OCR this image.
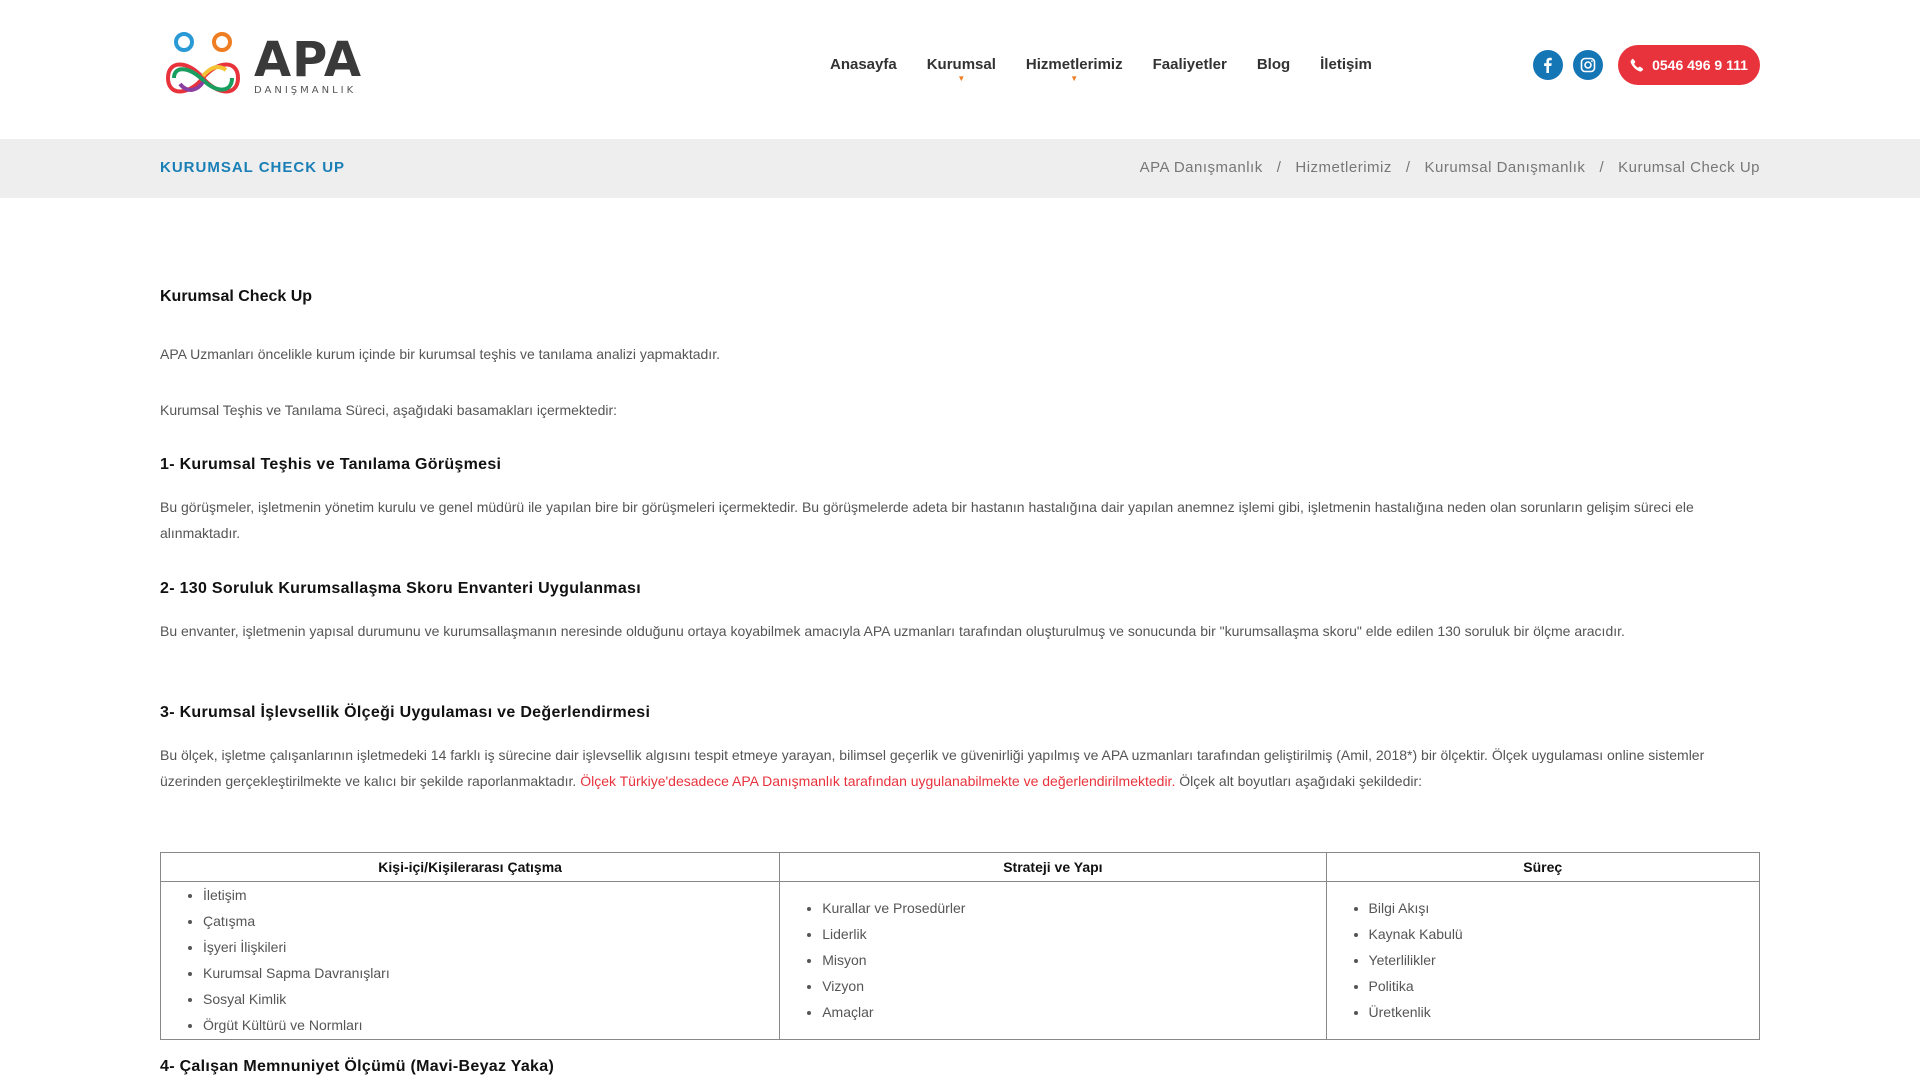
APA
DANIŞMANLIK
Anasayfa Kurumsal
▼
Hizmetlerimiz
▼
Faaliyetler Blog İletişim	0546 496 9 111
KURUMSAL CHECK UP	APA Danışmanlık / Hizmetlerimiz / Kurumsal Danışmanlık / Kurumsal Check Up
Kurumsal Check Up

APA Uzmanları öncelikle kurum içinde bir kurumsal teşhis ve tanılama analizi yapmaktadır.

Kurumsal Teşhis ve Tanılama Süreci, aşağıdaki basamakları içermektedir:

1- Kurumsal Teşhis ve Tanılama Görüşmesi

Bu görüşmeler, işletmenin yönetim kurulu ve genel müdürü ile yapılan bire bir görüşmeleri içermektedir. Bu görüşmelerde adeta bir hastanın hastalığına dair yapılan anemnez işlemi gibi, işletmenin hastalığına neden olan sorunların gelişim süreci ele alınmaktadır.

2- 130 Soruluk Kurumsallaşma Skoru Envanteri Uygulanması

Bu envanter, işletmenin yapısal durumunu ve kurumsallaşmanın neresinde olduğunu ortaya koyabilmek amacıyla APA uzmanları tarafından oluşturulmuş ve sonucunda bir "kurumsallaşma skoru" elde edilen 130 soruluk bir ölçme aracıdır.

3- Kurumsal İşlevsellik Ölçeği Uygulaması ve Değerlendirmesi

Bu ölçek, işletme çalışanlarının işletmedeki 14 farklı iş sürecine dair işlevsellik algısını tespit etmeye yarayan, bilimsel geçerlik ve güvenirliği yapılmış ve APA uzmanları tarafından geliştirilmiş (Amil, 2018*) bir ölçektir. Ölçek uygulaması online sistemler üzerinden gerçekleştirilmekte ve kalıcı bir şekilde raporlanmaktadır. Ölçek Türkiye'desadece APA Danışmanlık tarafından uygulanabilmekte ve değerlendirilmektedir. Ölçek alt boyutları aşağıdaki şekildedir:

Kişi-içi/Kişilerarası Çatışma
• İletişim
• Çatışma
• İşyeri İlişkileri
• Kurumsal Sapma Davranışları
• Sosyal Kimlik
• Örgüt Kültürü ve Normları
Strateji ve Yapı
• Kurallar ve Prosedürler
• Liderlik
• Misyon
• Vizyon
• Amaçlar
Süreç
• Bilgi Akışı
• Kaynak Kabulü
• Yeterlilikler
• Politika
• Üretkenlik
4- Çalışan Memnuniyet Ölçümü (Mavi-Beyaz Yaka)
